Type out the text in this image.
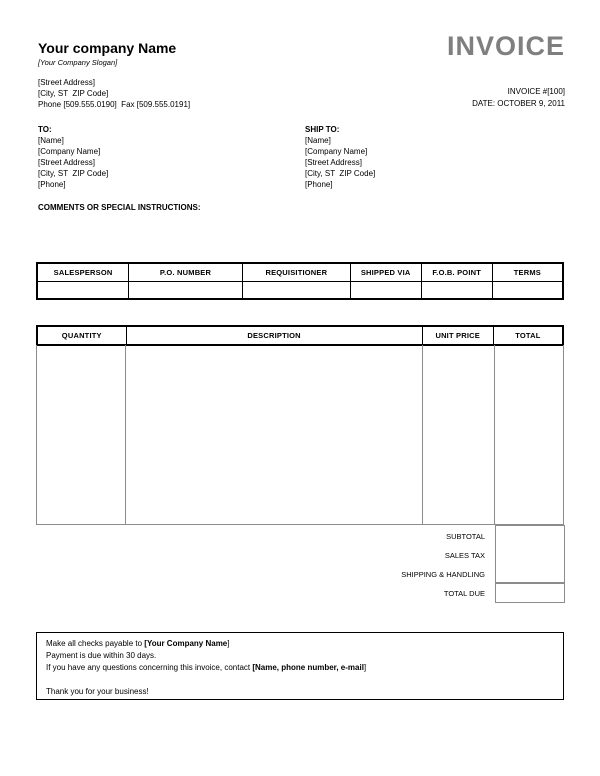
Your company Name
[Your Company Slogan]
[Street Address]
[City, ST  ZIP Code]
Phone [509.555.0190]  Fax [509.555.0191]
INVOICE
INVOICE #[100]
DATE: OCTOBER 9, 2011
TO:
[Name]
[Company Name]
[Street Address]
[City, ST  ZIP Code]
[Phone]
SHIP TO:
[Name]
[Company Name]
[Street Address]
[City, ST  ZIP Code]
[Phone]
COMMENTS OR SPECIAL INSTRUCTIONS:
SALESPERSON	P.O. NUMBER	REQUISITIONER	SHIPPED VIA	F.O.B. POINT	TERMS
QUANTITY	DESCRIPTION	UNIT PRICE	TOTAL
SUBTOTAL
SALES TAX
SHIPPING & HANDLING
TOTAL DUE
Make all checks payable to [Your Company Name]
Payment is due within 30 days.
If you have any questions concerning this invoice, contact [Name, phone number, e-mail]
Thank you for your business!
